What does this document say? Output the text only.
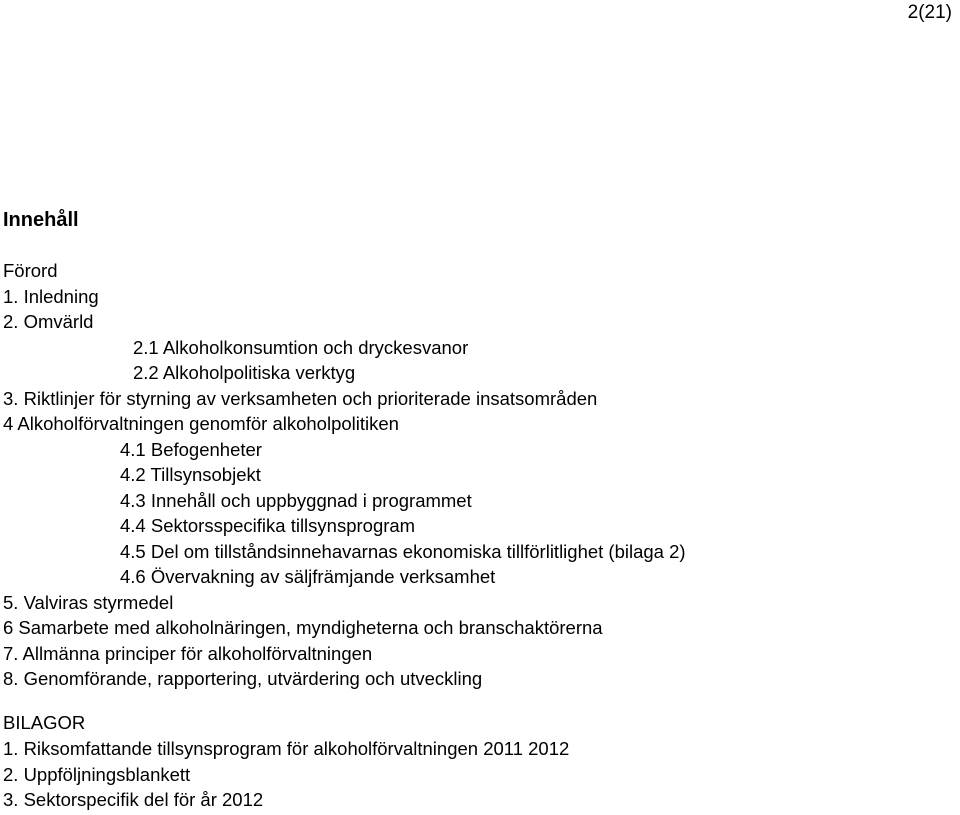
2(21)
Innehåll
Förord
1. Inledning
2. Omvärld
2.1 Alkoholkonsumtion och dryckesvanor
2.2 Alkoholpolitiska verktyg
3. Riktlinjer för styrning av verksamheten och prioriterade insatsområden
4 Alkoholförvaltningen genomför alkoholpolitiken
4.1 Befogenheter
4.2 Tillsynsobjekt
4.3 Innehåll och uppbyggnad i programmet
4.4 Sektorsspecifika tillsynsprogram
4.5 Del om tillståndsinnehavarnas ekonomiska tillförlitlighet (bilaga 2)
4.6 Övervakning av säljfrämjande verksamhet
5. Valviras styrmedel
6 Samarbete med alkoholnäringen, myndigheterna och branschaktörerna
7. Allmänna principer för alkoholförvaltningen
8. Genomförande, rapportering, utvärdering och utveckling
BILAGOR
1. Riksomfattande tillsynsprogram för alkoholförvaltningen 2011 2012
2. Uppföljningsblankett
3. Sektorspecifik del för år 2012
